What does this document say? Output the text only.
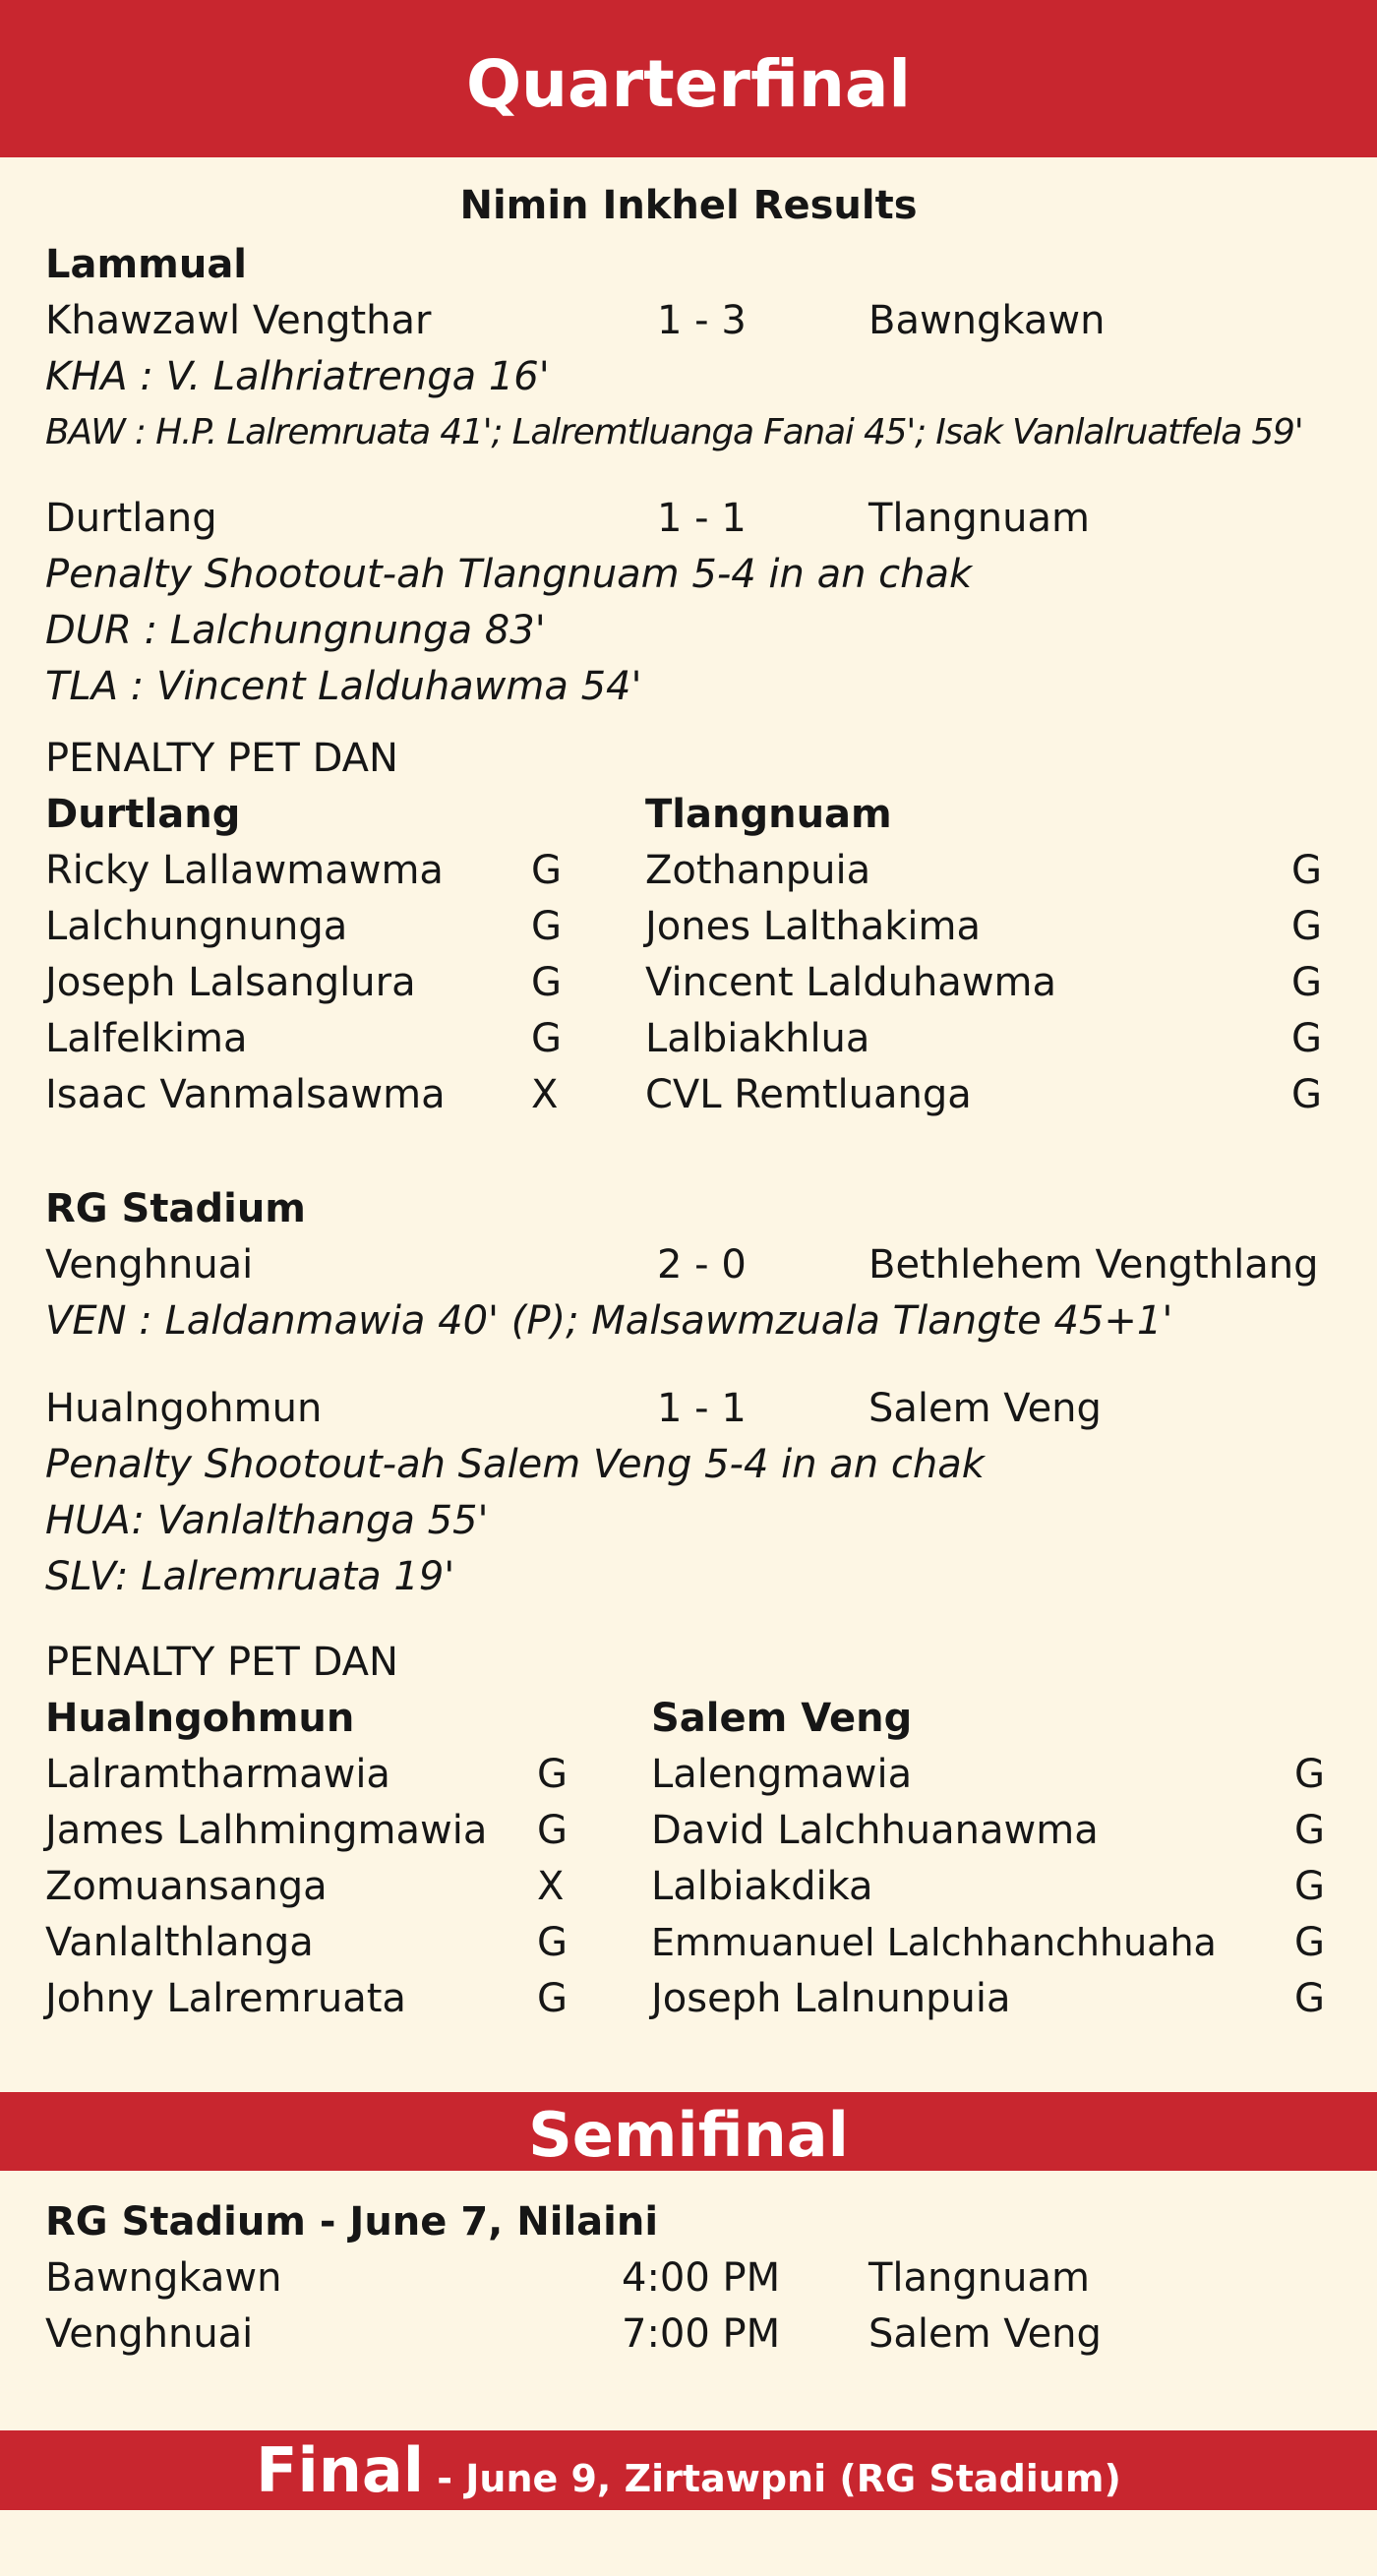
Quarterfinal
Nimin Inkhel Results
Lammual
Khawzawl Vengthar	1 - 3	Bawngkawn
KHA : V. Lalhriatrenga 16'
BAW : H.P. Lalremruata 41'; Lalremtluanga Fanai 45'; Isak Vanlalruatfela 59'
Durtlang	1 - 1	Tlangnuam
Penalty Shootout-ah Tlangnuam 5-4 in an chak
DUR : Lalchungnunga 83'
TLA : Vincent Lalduhawma 54'
PENALTY PET DAN
Durtlang	Tlangnuam
Ricky Lallawmawma G Zothanpuia	G
Lalchungnunga	G Jones Lalthakima	G
Joseph Lalsanglura	G Vincent Lalduhawma	G
Lalfelkima	G Lalbiakhlua	G
Isaac Vanmalsawma X CVL Remtluanga	G
RG Stadium
Venghnuai	2 - 0	Bethlehem Vengthlang
VEN : Laldanmawia 40' (P); Malsawmzuala Tlangte 45+1'
Hualngohmun	1 - 1	Salem Veng
Penalty Shootout-ah Salem Veng 5-4 in an chak
HUA: Vanlalthanga 55'
SLV: Lalremruata 19'
PENALTY PET DAN
Hualngohmun	Salem Veng
Lalramtharmawia	G Lalengmawia	G
James Lalhmingmawia G David Lalchhuanawma	G
Zomuansanga	X Lalbiakdika	G
Vanlalthlanga	G Emmuanuel Lalchhanchhuaha G
Johny Lalremruata	G Joseph Lalnunpuia	G
Semifinal
RG Stadium - June 7, Nilaini
Bawngkawn	4:00 PM Tlangnuam
Venghnuai	7:00 PM Salem Veng
Final - June 9, Zirtawpni (RG Stadium)
